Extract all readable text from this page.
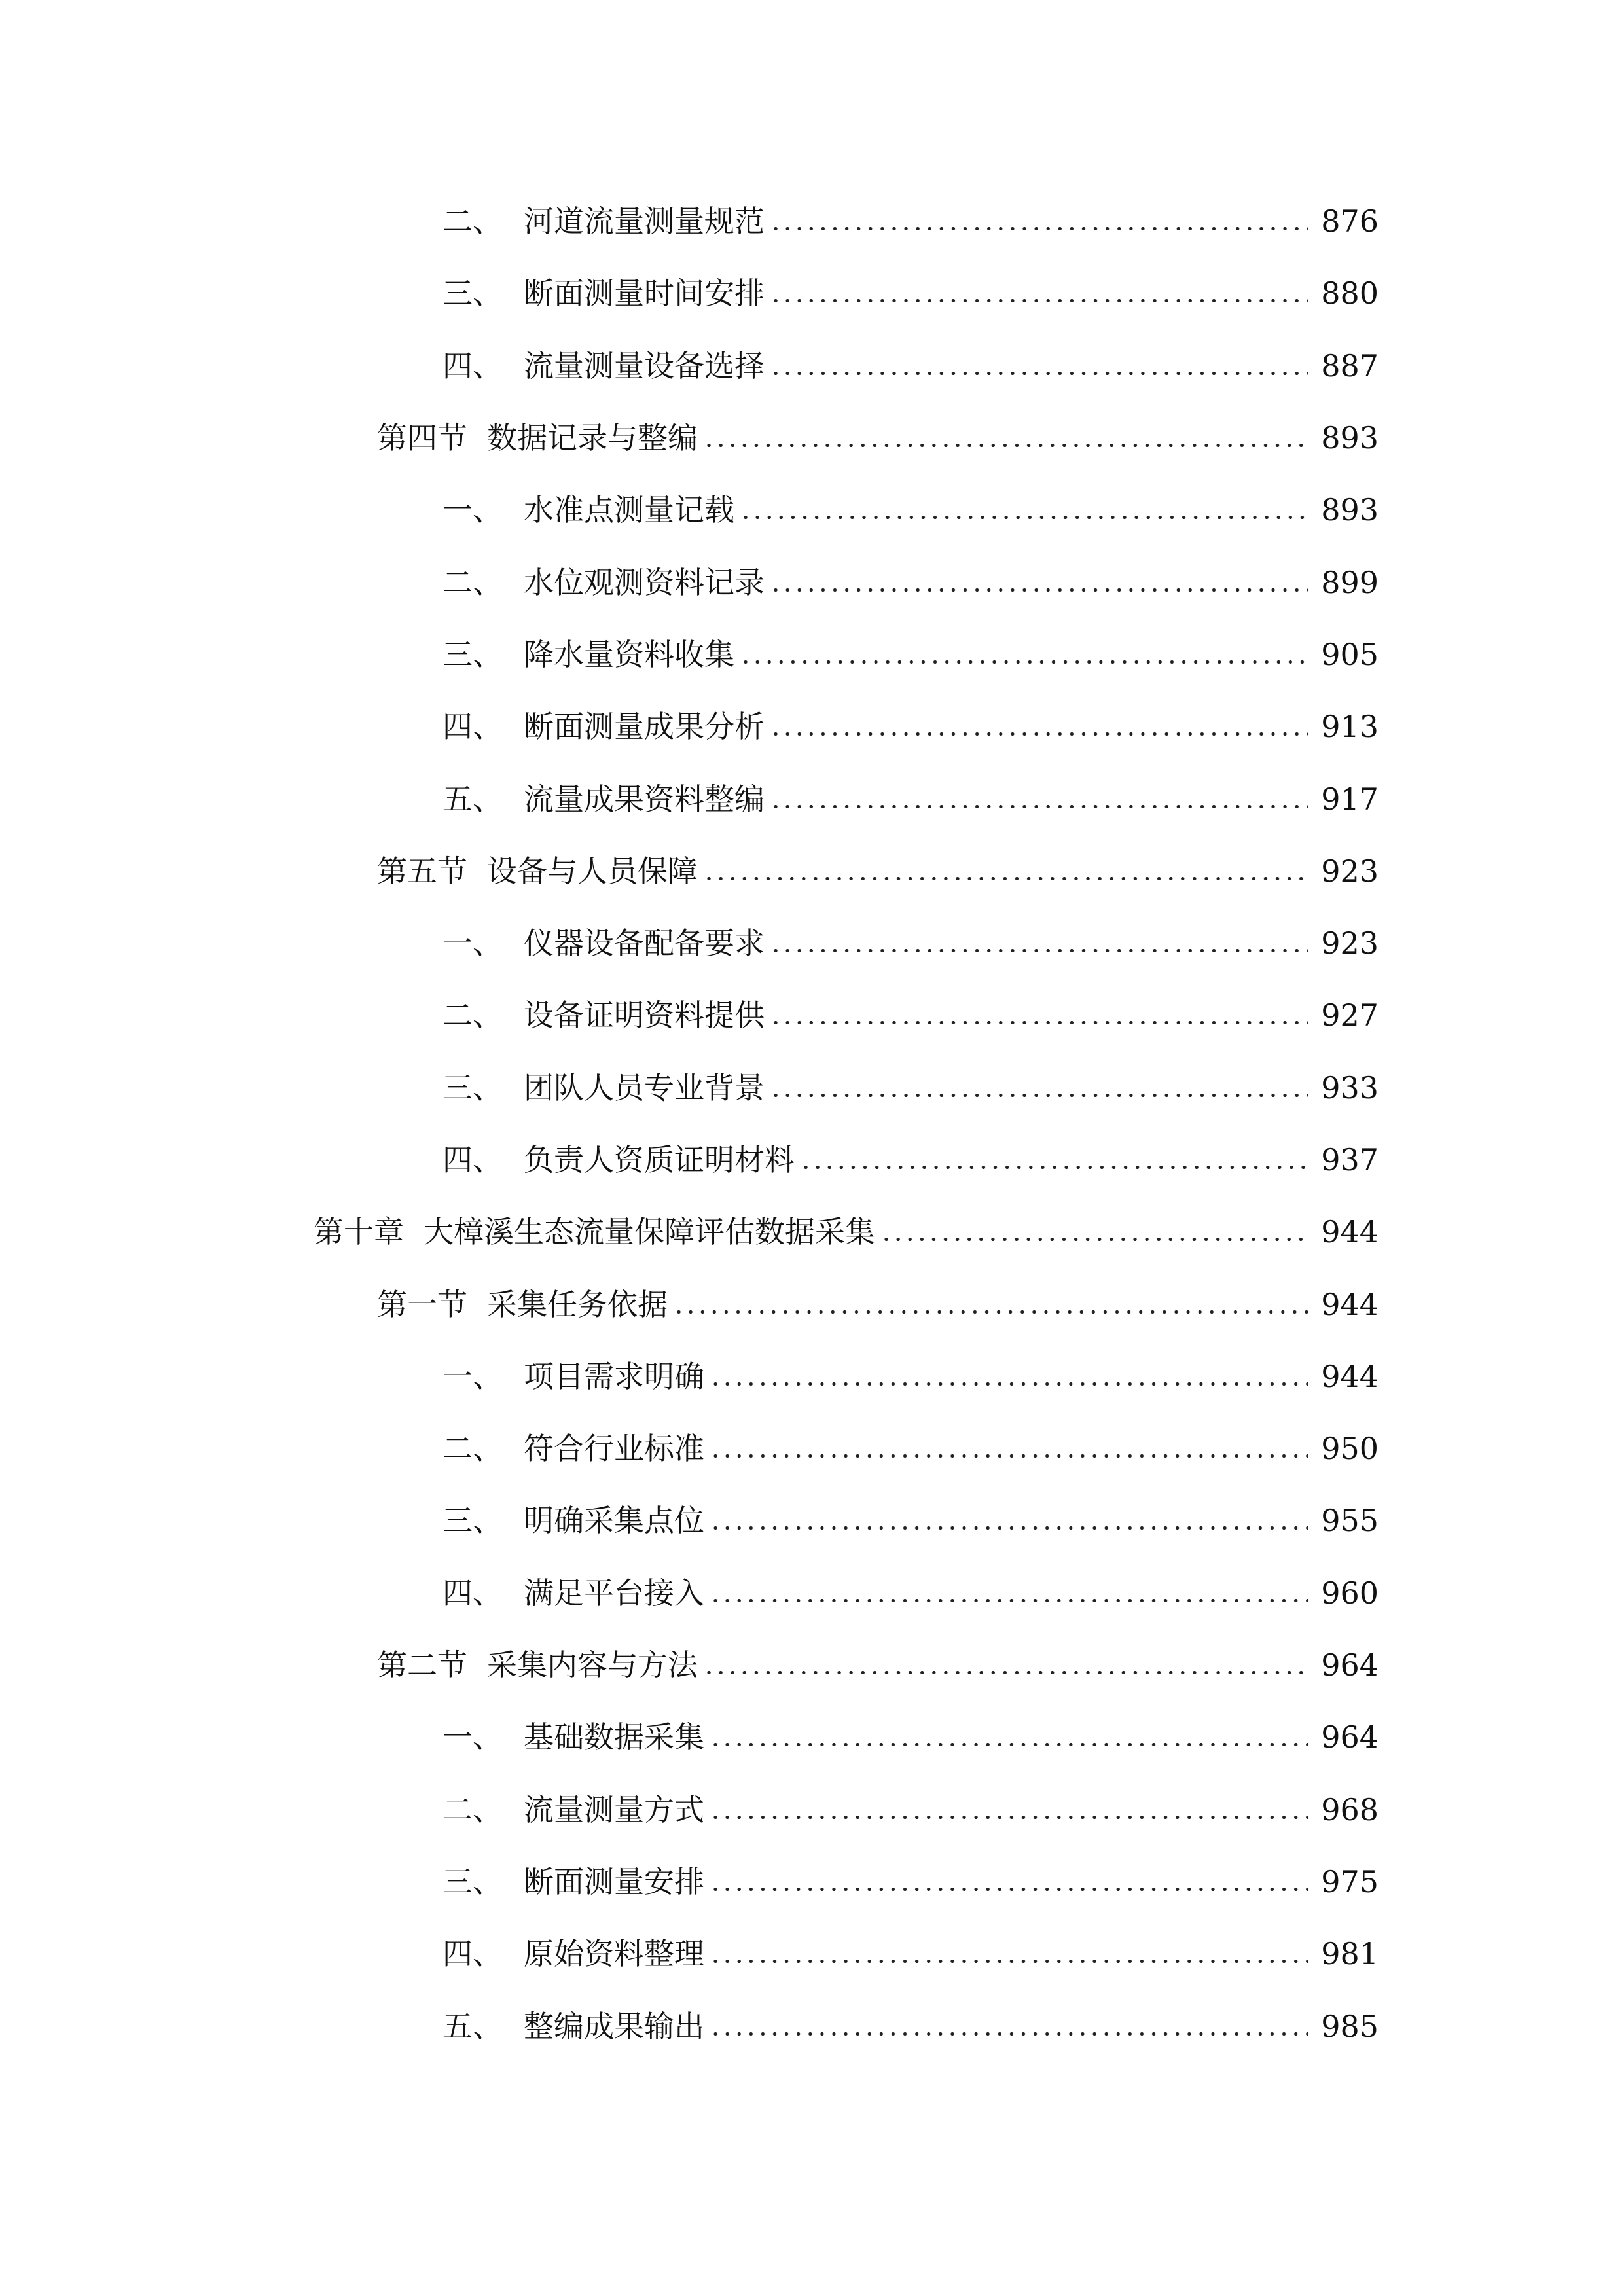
二、 河道流量测量规范	876
三、 断面测量时间安排	880
四、 流量测量设备选择	887
第四节 数据记录与整编	893
一、 水准点测量记载	893
二、 水位观测资料记录	899
三、 降水量资料收集	905
四、 断面测量成果分析	913
五、 流量成果资料整编	917
第五节 设备与人员保障	923
一、 仪器设备配备要求	923
二、 设备证明资料提供	927
三、 团队人员专业背景	933
四、 负责人资质证明材料	937
第十章 大樟溪生态流量保障评估数据采集	944
第一节 采集任务依据	944
一、 项目需求明确	944
二、 符合行业标准	950
三、 明确采集点位	955
四、 满足平台接入	960
第二节 采集内容与方法	964
一、 基础数据采集	964
二、 流量测量方式	968
三、 断面测量安排	975
四、 原始资料整理	981
五、 整编成果输出	985
